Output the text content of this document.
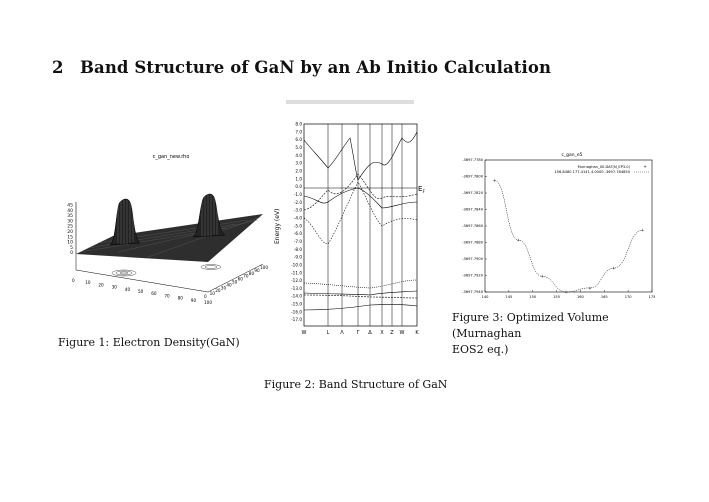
2 Band Structure of GaN by an Ab Initio Calculation
c_gan_new.rho
45
40
35
30
25
20
15
10
5
0
0	10 20 30 40 50 60 70 80 90 100
0
10
20
30
40
50
60
70
80
90
100
Figure 1: Electron Density(GaN)
Energy (eV)
8.0
7.0
6.0
5.0
4.0
3.0
2.0
1.0
0.0
-1.0
-2.0
-3.0
-4.0
-5.0
-6.0
-7.0
-8.0
-9.0
-10.0
-11.0
-12.0
-13.0
-14.0
-15.0
-16.0
-17.0
$E_F$
W	L Λ	Γ Δ X Z W K
Figure 2: Band Structure of GaN
c_gan_e5
Murnaghan_00.DAT(N_EP3.0)	+
156.8480 177.4141 4.0000 -3697.784850
-3697.7780
-3697.7800
-3697.7820
-3697.7840
-3697.7860
-3697.7880
-3697.7900
-3697.7920
-3697.7940
140	145	150	155	160	165	170	175
+
+
+
+
+
+
+
Figure 3: Optimized Volume (Murnaghan
EOS2 eq.)
